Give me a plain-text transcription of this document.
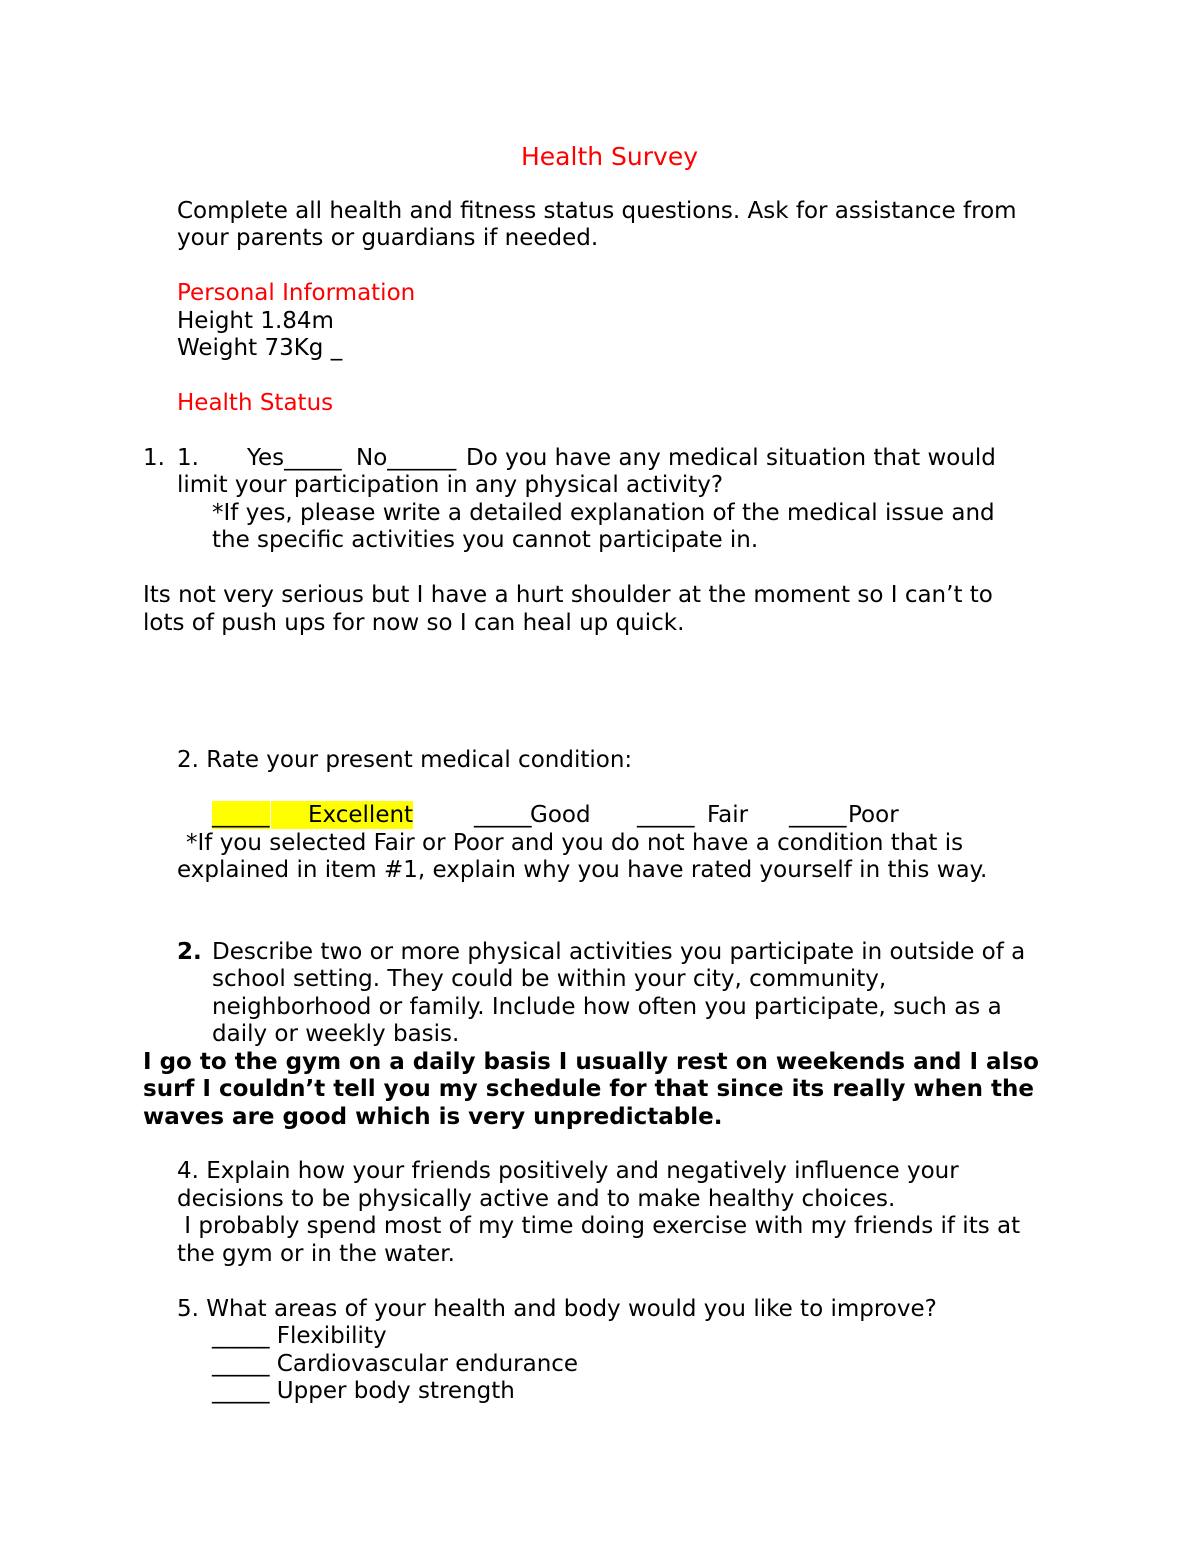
Health Survey
Complete all health and fitness status questions. Ask for assistance from
your parents or guardians if needed.
Personal Information
Height 1.84m
Weight 73Kg _
Health Status
1. 1. Yes_____ No______ Do you have any medical situation that would
limit your participation in any physical activity?
*If yes, please write a detailed explanation of the medical issue and
the specific activities you cannot participate in.
Its not very serious but I have a hurt shoulder at the moment so I can’t to
lots of push ups for now so I can heal up quick.
2. Rate your present medical condition:
_____ Excellent	_____
Good _____ Fair _____ Poor
*If you selected Fair or Poor and you do not have a condition that is
explained in item #1, explain why you have rated yourself in this way.
2. Describe two or more physical activities you participate in outside of a
school setting. They could be within your city, community,
neighborhood or family. Include how often you participate, such as a
daily or weekly basis.
I go to the gym on a daily basis I usually rest on weekends and I also
surf I couldn’t tell you my schedule for that since its really when the
waves are good which is very unpredictable.
4. Explain how your friends positively and negatively influence your
decisions to be physically active and to make healthy choices.
I probably spend most of my time doing exercise with my friends if its at
the gym or in the water.
5. What areas of your health and body would you like to improve?
_____ Flexibility
_____ Cardiovascular endurance
_____ Upper body strength
